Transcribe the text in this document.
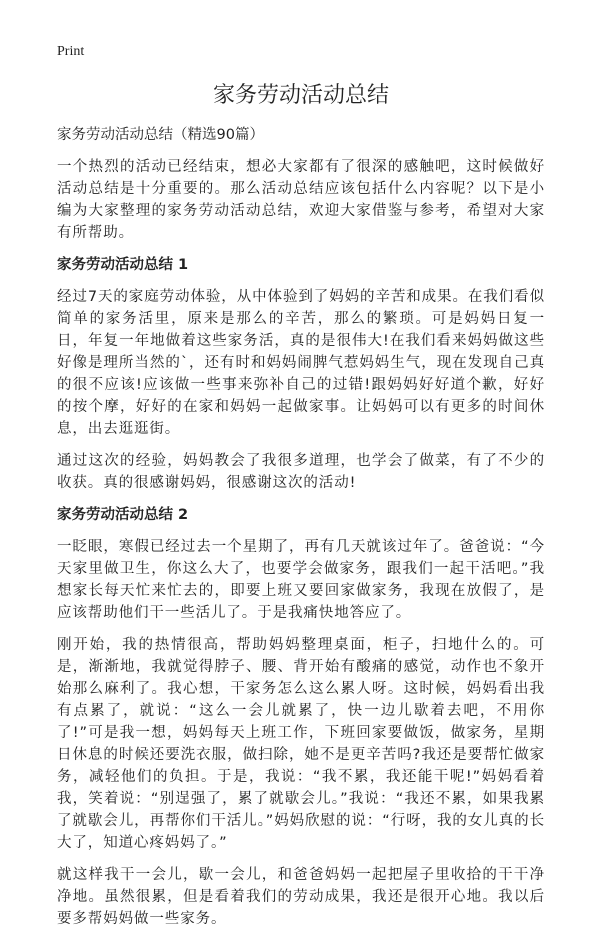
Print
家务劳动活动总结
家务劳动活动总结（精选90篇）

一个热烈的活动已经结束，想必大家都有了很深的感触吧，这时候做好活动总结是十分重要的。那么活动总结应该包括什么内容呢？以下是小编为大家整理的家务劳动活动总结，欢迎大家借鉴与参考，希望对大家有所帮助。

家务劳动活动总结 1

经过7天的家庭劳动体验，从中体验到了妈妈的辛苦和成果。在我们看似简单的家务活里，原来是那么的辛苦，那么的繁琐。可是妈妈日复一日，年复一年地做着这些家务活，真的是很伟大!在我们看来妈妈做这些好像是理所当然的`，还有时和妈妈闹脾气惹妈妈生气，现在发现自己真的很不应该!应该做一些事来弥补自己的过错!跟妈妈好好道个歉，好好的按个摩，好好的在家和妈妈一起做家事。让妈妈可以有更多的时间休息，出去逛逛街。

通过这次的经验，妈妈教会了我很多道理，也学会了做菜，有了不少的收获。真的很感谢妈妈，很感谢这次的活动!

家务劳动活动总结 2

一眨眼，寒假已经过去一个星期了，再有几天就该过年了。爸爸说：“今天家里做卫生，你这么大了，也要学会做家务，跟我们一起干活吧。”我想家长每天忙来忙去的，即要上班又要回家做家务，我现在放假了，是应该帮助他们干一些活儿了。于是我痛快地答应了。

刚开始，我的热情很高，帮助妈妈整理桌面，柜子，扫地什么的。可是，渐渐地，我就觉得脖子、腰、背开始有酸痛的感觉，动作也不象开始那么麻利了。我心想，干家务怎么这么累人呀。这时候，妈妈看出我有点累了，就说：“这么一会儿就累了，快一边儿歇着去吧，不用你了!”可是我一想，妈妈每天上班工作，下班回家要做饭，做家务，星期日休息的时候还要洗衣服，做扫除，她不是更辛苦吗?我还是要帮忙做家务，减轻他们的负担。于是，我说：“我不累，我还能干呢!”妈妈看着我，笑着说：“别逞强了，累了就歇会儿。”我说：“我还不累，如果我累了就歇会儿，再帮你们干活儿。”妈妈欣慰的说：“行呀，我的女儿真的长大了，知道心疼妈妈了。”

就这样我干一会儿，歇一会儿，和爸爸妈妈一起把屋子里收拾的干干净净地。虽然很累，但是看着我们的劳动成果，我还是很开心地。我以后要多帮妈妈做一些家务。
